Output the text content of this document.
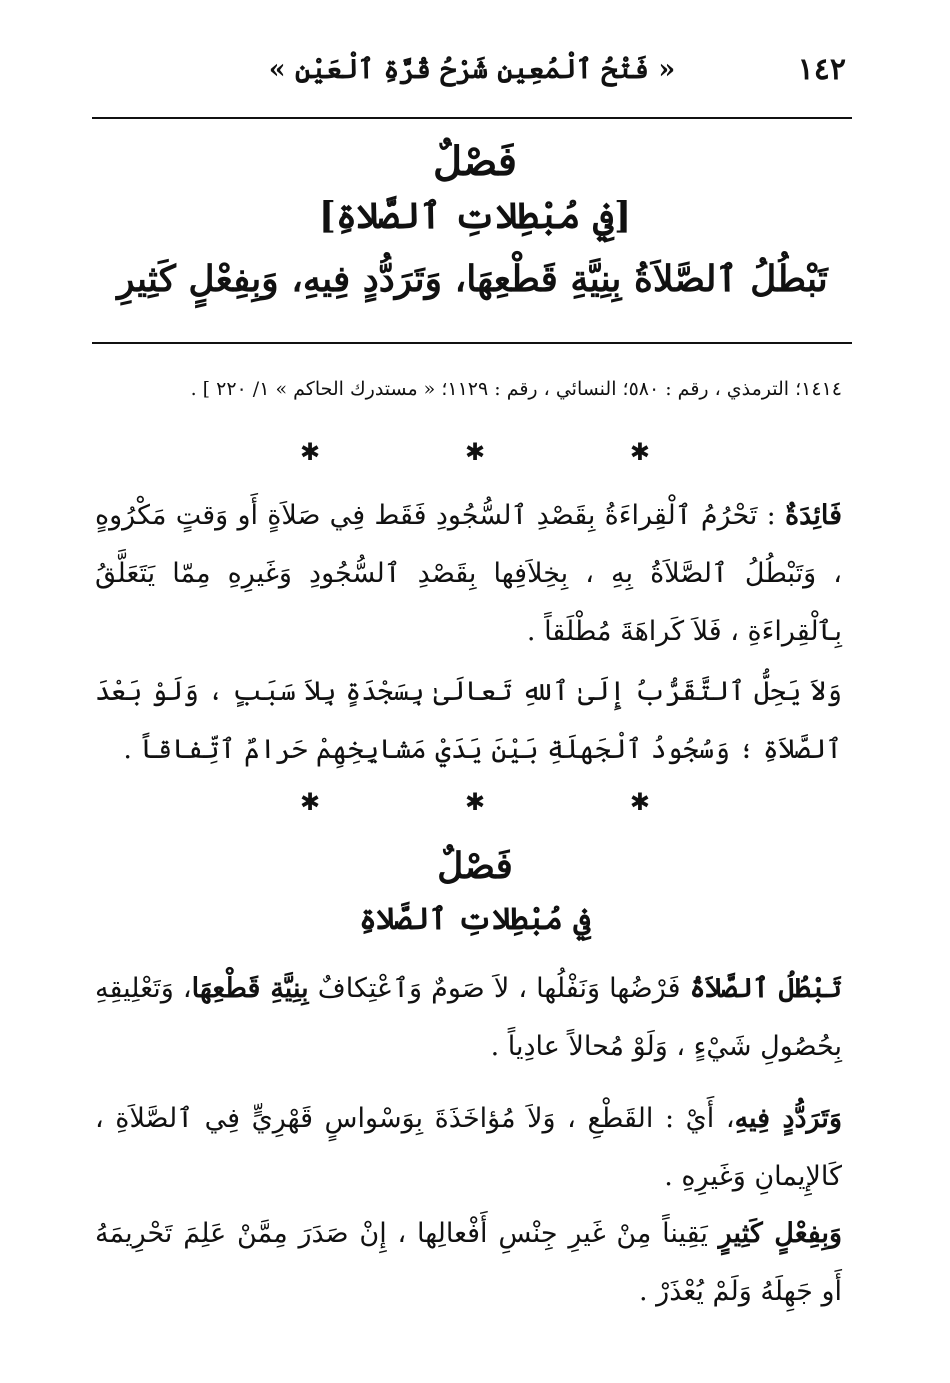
١٤٢
« فَتْحُ ٱلْمُعِينِ شَرْحُ قُرَّةِ ٱلْعَيْنِ »
فَصْلٌ
[فِي مُبْطِلاتِ ٱلصَّلاةِ]
تَبْطُلُ ٱلصَّلاَةُ بِنِيَّةِ قَطْعِهَا، وَتَرَدُّدٍ فِيهِ، وَبِفِعْلٍ كَثِيرِ
١٤١٤؛ الترمذي ، رقم : ٥٨٠؛ النسائي ، رقم : ١١٢٩؛ « مستدرك الحاكم » ١/ ٢٢٠ ] .
✱	✱	✱
فَائِدَةٌ : تَحْرُمُ ٱلْقِراءَةُ بِقَصْدِ ٱلسُّجُودِ فَقَط فِي صَلاَةٍ أَو وَقتٍ مَكْرُوهٍ ، وَتَبْطُلُ ٱلصَّلاَةُ بِهِ ، بِخِلاَفِها بِقَصْدِ ٱلسُّجُودِ وَغَيرِهِ مِمّا يَتَعَلَّقُ بِٱلْقِراءَةِ ، فَلاَ كَراهَةَ مُطْلَقاً .
وَلاَ يَحِلُّ ٱلتَّقَرُّبُ إِلَىٰ ٱللهِ تَعالَىٰ بِسَجْدَةٍ بِلاَ سَبَبٍ ، وَلَوْ بَعْدَ ٱلصَّلاَةِ ؛ وَسُجُودُ ٱلْجَهلَةِ بَيْنَ يَدَيْ مَشايِخِهِمْ حَرامٌ ٱتِّفاقاً .
✱	✱	✱
فَصْلٌ
فِي مُبْطِلاتِ ٱلصَّلاةِ
تَبْطُلُ ٱلصَّلاَةُ فَرْضُها وَنَفْلُها ، لاَ صَومٌ وَٱعْتِكافٌ بِنِيَّةِ قَطْعِهَا، وَتَعْلِيقِهِ بِحُصُولِ شَيْءٍ ، وَلَوْ مُحالاً عادِياً .
وَتَرَدُّدٍ فِيهِ، أَيْ : القَطْعِ ، وَلاَ مُؤاخَذَةَ بِوَسْواسٍ قَهْرِيٍّ فِي ٱلصَّلاَةِ ، كَالإِيمانِ وَغَيرِهِ .
وَبِفِعْلٍ كَثِيرٍ يَقِيناً مِنْ غَيرِ جِنْسِ أَفْعالِها ، إِنْ صَدَرَ مِمَّنْ عَلِمَ تَحْرِيمَهُ أَو جَهِلَهُ وَلَمْ يُعْذَرْ .
